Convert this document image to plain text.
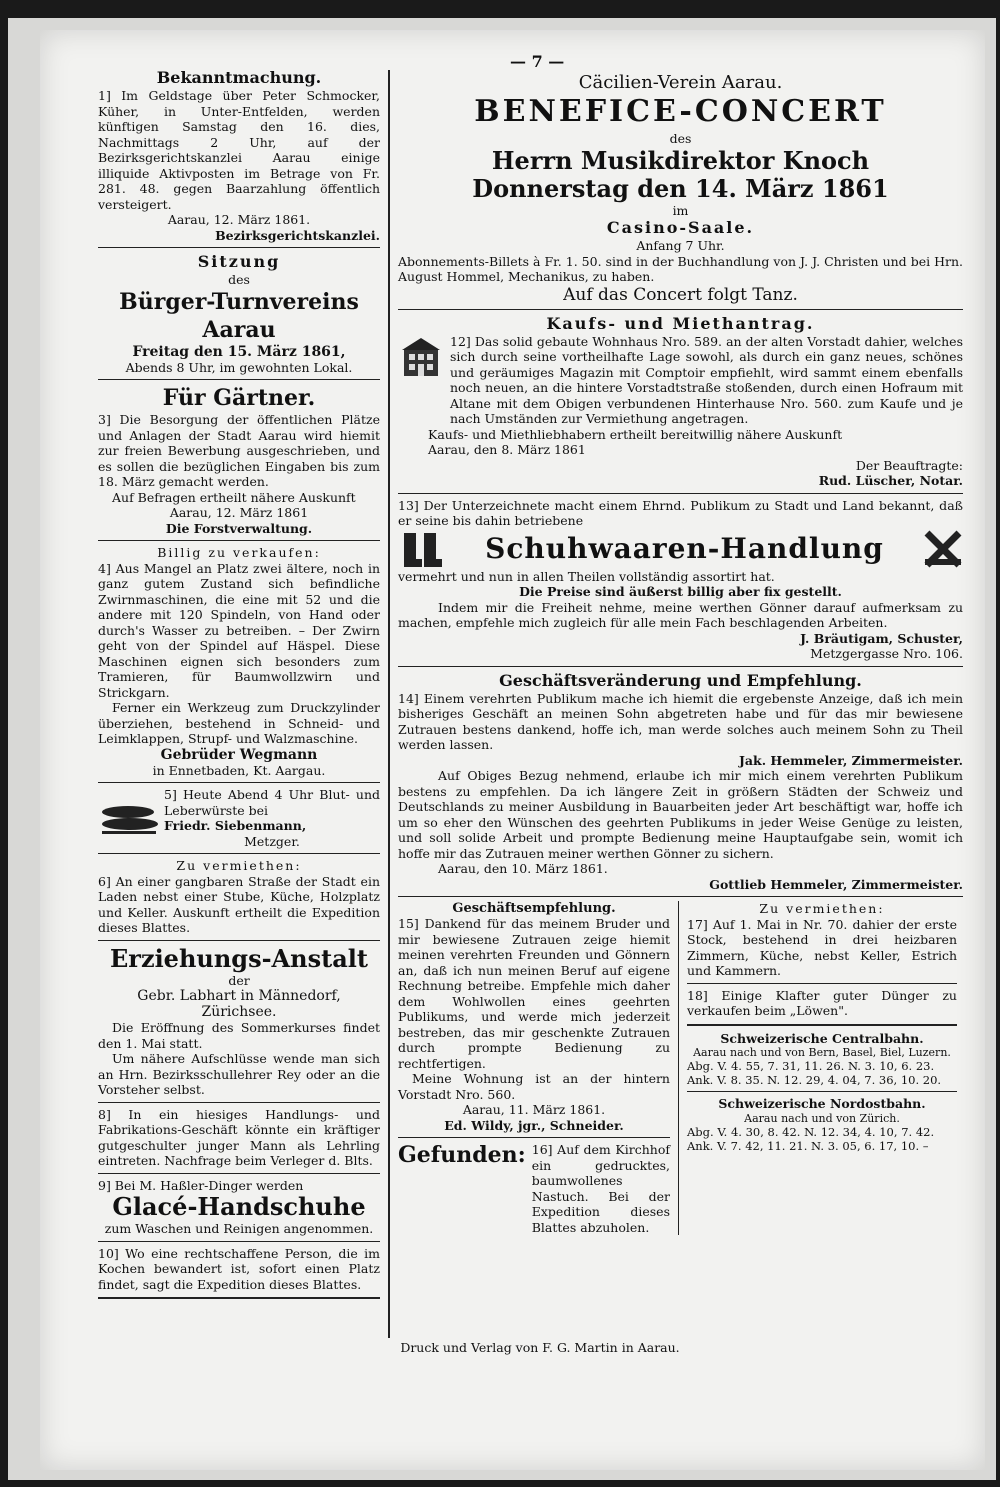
— 7 —
Bekanntmachung.

1] Im Geldstage über Peter Schmocker, Küher, in Unter-Entfelden, werden künftigen Samstag den 16. dies, Nachmittags 2 Uhr, auf der Bezirksgerichtskanzlei Aarau einige illiquide Aktivposten im Betrage von Fr. 281. 48. gegen Baarzahlung öffentlich versteigert.

Aarau, 12. März 1861.

Bezirksgerichtskanzlei.

Sitzung

des

Bürger-Turnvereins Aarau

Freitag den 15. März 1861,

Abends 8 Uhr, im gewohnten Lokal.

Für Gärtner.

3] Die Besorgung der öffentlichen Plätze und Anlagen der Stadt Aarau wird hiemit zur freien Bewerbung ausgeschrieben, und es sollen die bezüglichen Eingaben bis zum 18. März gemacht werden.

Auf Befragen ertheilt nähere Auskunft

Aarau, 12. März 1861

Die Forstverwaltung.

Billig zu verkaufen:

4] Aus Mangel an Platz zwei ältere, noch in ganz gutem Zustand sich befindliche Zwirnmaschinen, die eine mit 52 und die andere mit 120 Spindeln, von Hand oder durch's Wasser zu betreiben. – Der Zwirn geht von der Spindel auf Häspel. Diese Maschinen eignen sich besonders zum Tramieren, für Baumwollzwirn und Strickgarn.

Ferner ein Werkzeug zum Druckzylinder überziehen, bestehend in Schneid- und Leimklappen, Strupf- und Walzmaschine.

Gebrüder Wegmann

in Ennetbaden, Kt. Aargau.

5] Heute Abend 4 Uhr Blut- und Leberwürste bei

Friedr. Siebenmann,

Metzger.

Zu vermiethen:

6] An einer gangbaren Straße der Stadt ein Laden nebst einer Stube, Küche, Holzplatz und Keller. Auskunft ertheilt die Expedition dieses Blattes.

Erziehungs-Anstalt

der

Gebr. Labhart in Männedorf, Zürichsee.

Die Eröffnung des Sommerkurses findet den 1. Mai statt.

Um nähere Aufschlüsse wende man sich an Hrn. Bezirksschullehrer Rey oder an die Vorsteher selbst.

8] In ein hiesiges Handlungs- und Fabrikations-Geschäft könnte ein kräftiger gutgeschulter junger Mann als Lehrling eintreten. Nachfrage beim Verleger d. Blts.

9] Bei M. Haßler-Dinger werden

Glacé-Handschuhe

zum Waschen und Reinigen angenommen.

10] Wo eine rechtschaffene Person, die im Kochen bewandert ist, sofort einen Platz findet, sagt die Expedition dieses Blattes.

Cäcilien-Verein Aarau.

BENEFICE-CONCERT

des

Herrn Musikdirektor Knoch
Donnerstag den 14. März 1861

im

Casino-Saale.

Anfang 7 Uhr.

Abonnements-Billets à Fr. 1. 50. sind in der Buchhandlung von J. J. Christen und bei Hrn. August Hommel, Mechanikus, zu haben.

Auf das Concert folgt Tanz.

Kaufs- und Miethantrag.

12] Das solid gebaute Wohnhaus Nro. 589. an der alten Vorstadt dahier, welches sich durch seine vortheilhafte Lage sowohl, als durch ein ganz neues, schönes und geräumiges Magazin mit Comptoir empfiehlt, wird sammt einem ebenfalls noch neuen, an die hintere Vorstadtstraße stoßenden, durch einen Hofraum mit Altane mit dem Obigen verbundenen Hinterhause Nro. 560. zum Kaufe und je nach Umständen zur Vermiethung angetragen.

Kaufs- und Miethliebhabern ertheilt bereitwillig nähere Auskunft

Aarau, den 8. März 1861

Der Beauftragte:

Rud. Lüscher, Notar.

13] Der Unterzeichnete macht einem Ehrnd. Publikum zu Stadt und Land bekannt, daß er seine bis dahin betriebene

Schuhwaaren-Handlung

vermehrt und nun in allen Theilen vollständig assortirt hat.

Die Preise sind äußerst billig aber fix gestellt.

Indem mir die Freiheit nehme, meine werthen Gönner darauf aufmerksam zu machen, empfehle mich zugleich für alle mein Fach beschlagenden Arbeiten.

J. Bräutigam, Schuster,

Metzgergasse Nro. 106.

Geschäftsveränderung und Empfehlung.

14] Einem verehrten Publikum mache ich hiemit die ergebenste Anzeige, daß ich mein bisheriges Geschäft an meinen Sohn abgetreten habe und für das mir bewiesene Zutrauen bestens dankend, hoffe ich, man werde solches auch meinem Sohn zu Theil werden lassen.

Jak. Hemmeler, Zimmermeister.

Auf Obiges Bezug nehmend, erlaube ich mir mich einem verehrten Publikum bestens zu empfehlen. Da ich längere Zeit in größern Städten der Schweiz und Deutschlands zu meiner Ausbildung in Bauarbeiten jeder Art beschäftigt war, hoffe ich um so eher den Wünschen des geehrten Publikums in jeder Weise Genüge zu leisten, und soll solide Arbeit und prompte Bedienung meine Hauptaufgabe sein, womit ich hoffe mir das Zutrauen meiner werthen Gönner zu sichern.

Aarau, den 10. März 1861.

Gottlieb Hemmeler, Zimmermeister.

Geschäftsempfehlung.

15] Dankend für das meinem Bruder und mir bewiesene Zutrauen zeige hiemit meinen verehrten Freunden und Gönnern an, daß ich nun meinen Beruf auf eigene Rechnung betreibe. Empfehle mich daher dem Wohlwollen eines geehrten Publikums, und werde mich jederzeit bestreben, das mir geschenkte Zutrauen durch prompte Bedienung zu rechtfertigen.

Meine Wohnung ist an der hintern Vorstadt Nro. 560.

Aarau, 11. März 1861.

Ed. Wildy, jgr., Schneider.

Gefunden: 16] Auf dem Kirchhof ein gedrucktes, baumwollenes Nastuch. Bei der Expedition dieses Blattes abzuholen.

Zu vermiethen:

17] Auf 1. Mai in Nr. 70. dahier der erste Stock, bestehend in drei heizbaren Zimmern, Küche, nebst Keller, Estrich und Kammern.

18] Einige Klafter guter Dünger zu verkaufen beim „Löwen".

Schweizerische Centralbahn.

Aarau nach und von Bern, Basel, Biel, Luzern.

Abg. V. 4. 55, 7. 31, 11. 26. N. 3. 10, 6. 23.

Ank. V. 8. 35. N. 12. 29, 4. 04, 7. 36, 10. 20.

Schweizerische Nordostbahn.

Aarau nach und von Zürich.

Abg. V. 4. 30, 8. 42. N. 12. 34, 4. 10, 7. 42.

Ank. V. 7. 42, 11. 21. N. 3. 05, 6. 17, 10. –

Druck und Verlag von F. G. Martin in Aarau.
